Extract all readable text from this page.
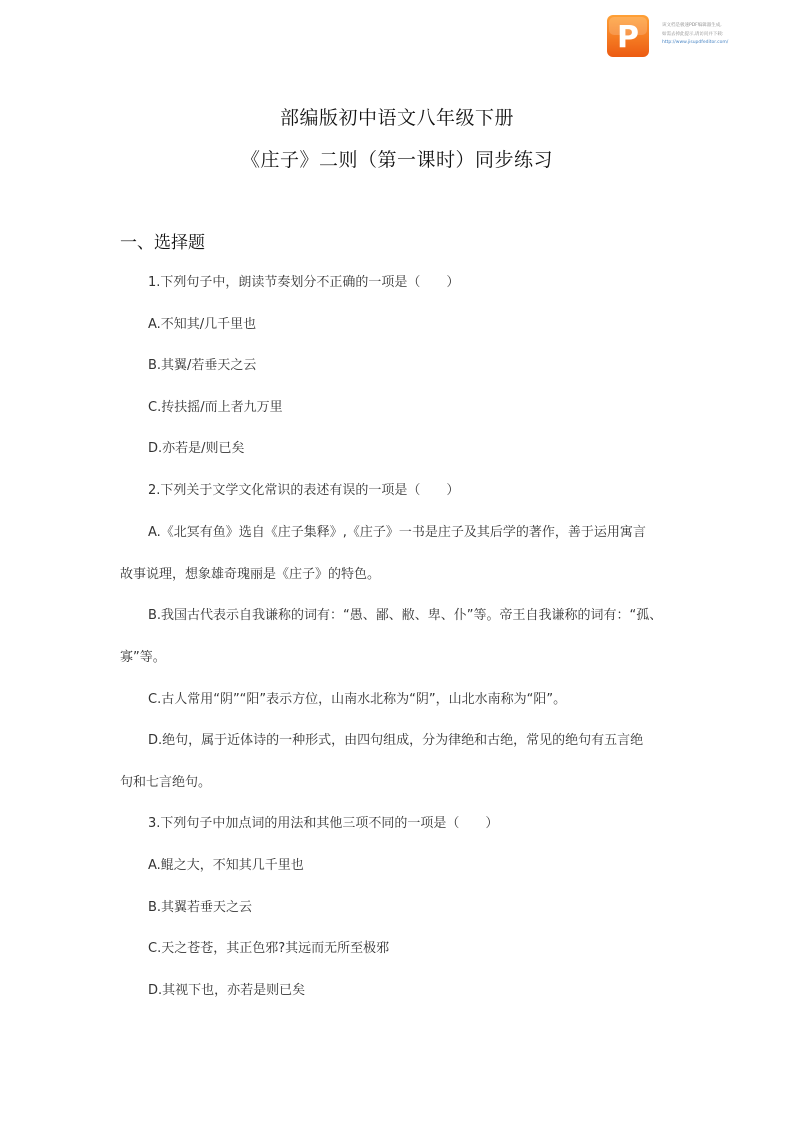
P	该文档是极速PDF编辑器生成,
如需去掉此提示,请访问并下载:
http://www.jisupdfeditor.com/
部编版初中语文八年级下册
《庄子》二则（第一课时）同步练习
一、选择题
1.下列句子中，朗读节奏划分不正确的一项是（　　）
A.不知其/几千里也
B.其翼/若垂天之云
C.抟扶摇/而上者九万里
D.亦若是/则已矣
2.下列关于文学文化常识的表述有误的一项是（　　）
A.《北冥有鱼》选自《庄子集释》,《庄子》一书是庄子及其后学的著作，善于运用寓言
故事说理，想象雄奇瑰丽是《庄子》的特色。
B.我国古代表示自我谦称的词有：“愚、鄙、敝、卑、仆”等。帝王自我谦称的词有：“孤、
寡”等。
C.古人常用“阴”“阳”表示方位，山南水北称为“阴”，山北水南称为“阳”。
D.绝句，属于近体诗的一种形式，由四句组成，分为律绝和古绝，常见的绝句有五言绝
句和七言绝句。
3.下列句子中加点词的用法和其他三项不同的一项是（　　）
A.鲲之大，不知其几千里也
B.其翼若垂天之云
C.天之苍苍，其正色邪?其远而无所至极邪
D.其视下也，亦若是则已矣
